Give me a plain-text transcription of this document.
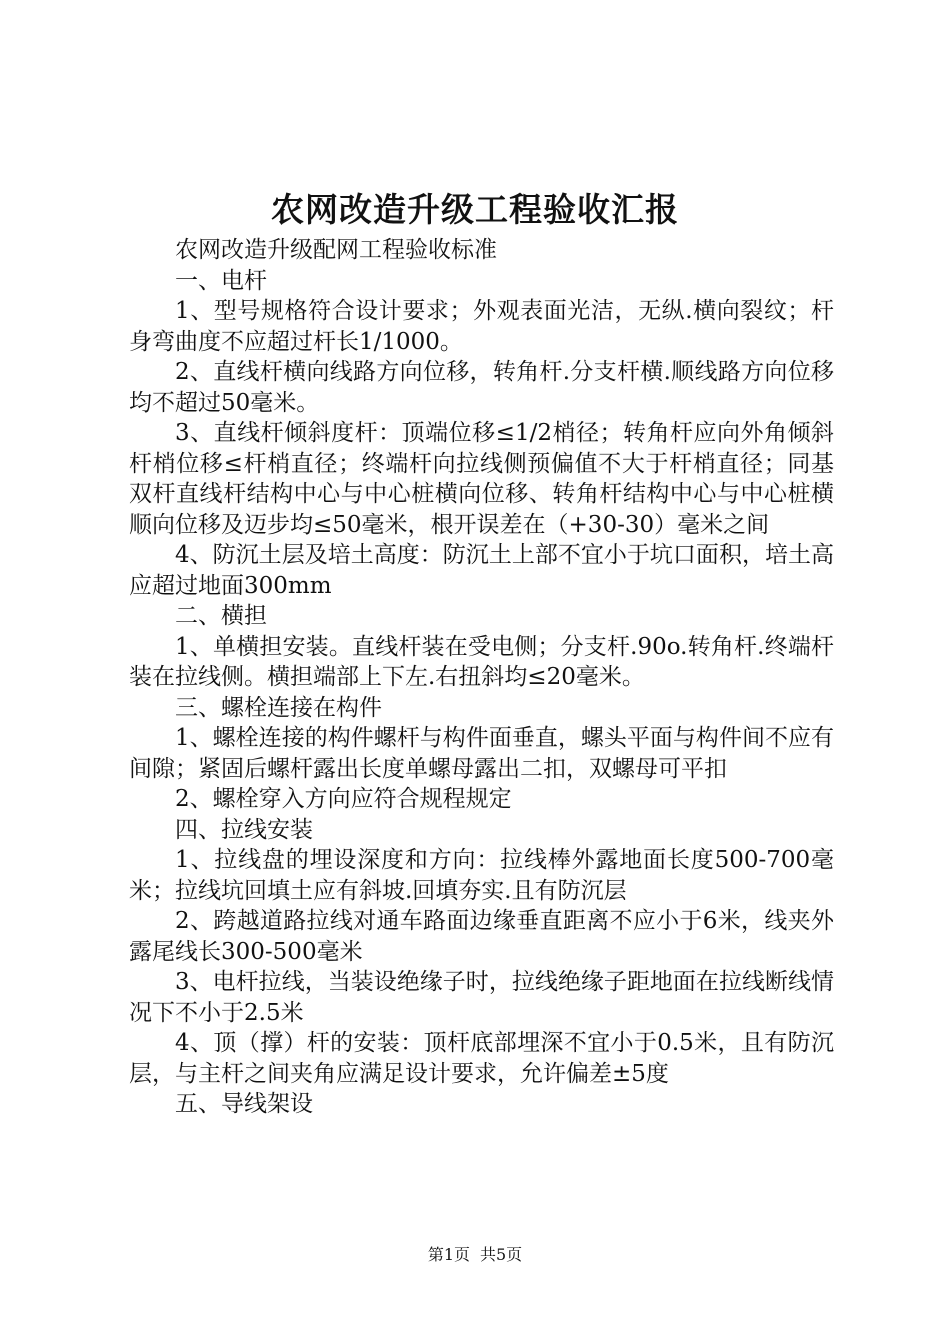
农网改造升级工程验收汇报

农网改造升级配网工程验收标准

一、电杆

1、型号规格符合设计要求；外观表面光洁，无纵.横向裂纹；杆身弯曲度不应超过杆长1/1000。

2、直线杆横向线路方向位移，转角杆.分支杆横.顺线路方向位移均不超过50毫米。

3、直线杆倾斜度杆：顶端位移≤1/2梢径；转角杆应向外角倾斜杆梢位移≤杆梢直径；终端杆向拉线侧预偏值不大于杆梢直径；同基双杆直线杆结构中心与中心桩横向位移、转角杆结构中心与中心桩横顺向位移及迈步均≤50毫米，根开误差在（+30-30）毫米之间

4、防沉土层及培土高度：防沉土上部不宜小于坑口面积，培土高应超过地面300mm

二、横担

1、单横担安装。直线杆装在受电侧；分支杆.90o.转角杆.终端杆装在拉线侧。横担端部上下左.右扭斜均≤20毫米。

三、螺栓连接在构件

1、螺栓连接的构件螺杆与构件面垂直，螺头平面与构件间不应有间隙；紧固后螺杆露出长度单螺母露出二扣，双螺母可平扣

2、螺栓穿入方向应符合规程规定

四、拉线安装

1、拉线盘的埋设深度和方向：拉线棒外露地面长度500-700毫米；拉线坑回填土应有斜坡.回填夯实.且有防沉层

2、跨越道路拉线对通车路面边缘垂直距离不应小于6米，线夹外露尾线长300-500毫米

3、电杆拉线，当装设绝缘子时，拉线绝缘子距地面在拉线断线情况下不小于2.5米

4、顶（撑）杆的安装：顶杆底部埋深不宜小于0.5米，且有防沉层，与主杆之间夹角应满足设计要求，允许偏差±5度

五、导线架设

第1页 共5页
